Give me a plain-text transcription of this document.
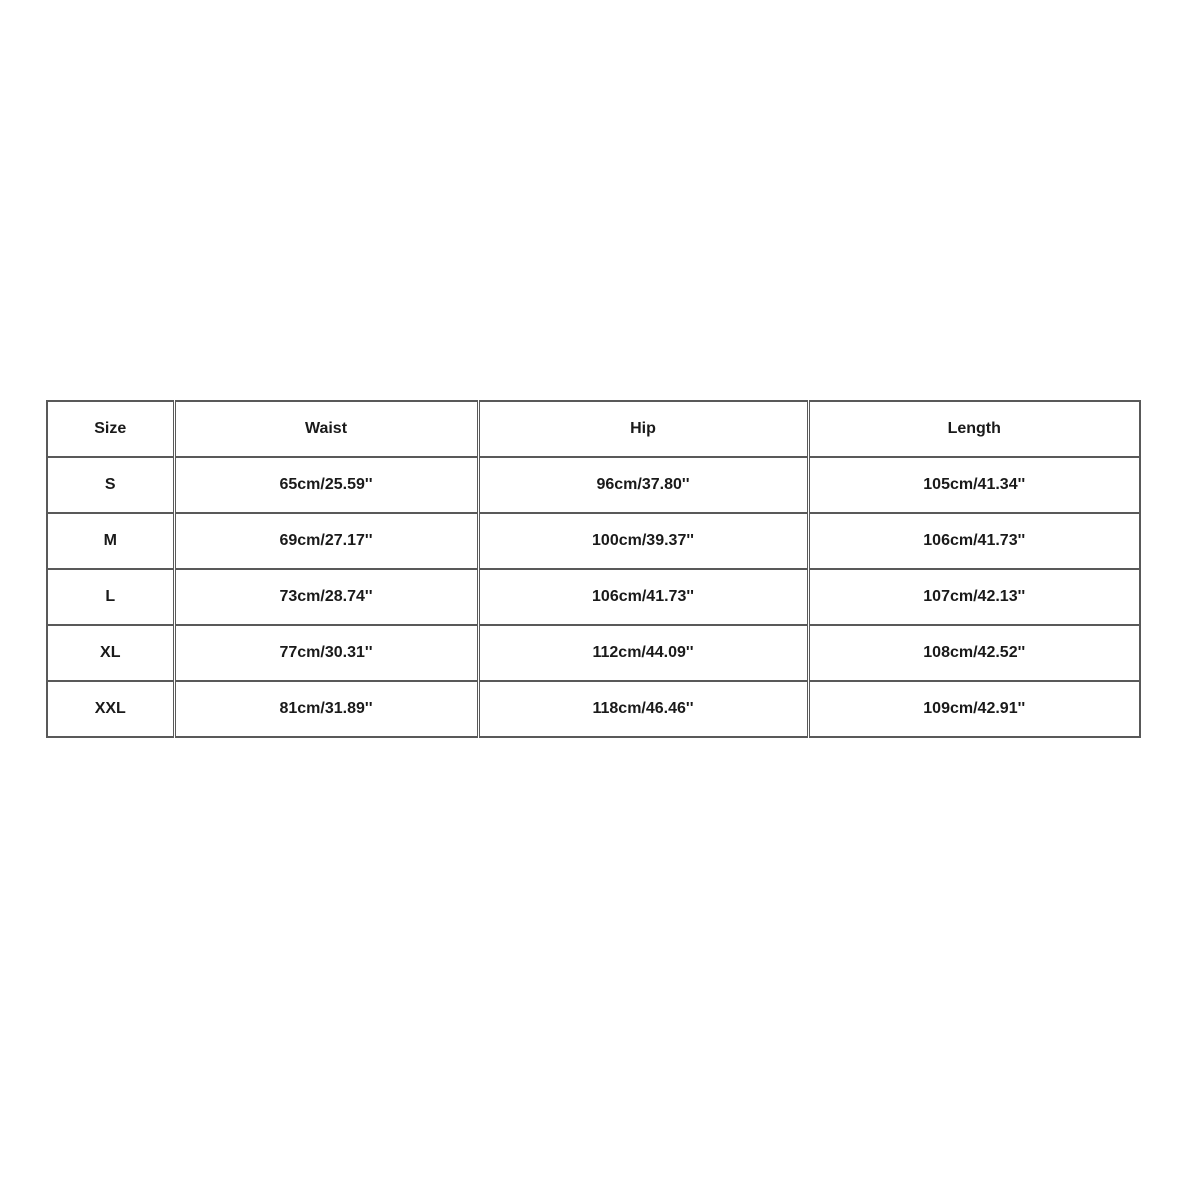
Size	Waist	Hip	Length
S	65cm/25.59''	96cm/37.80''	105cm/41.34''
M	69cm/27.17''	100cm/39.37''	106cm/41.73''
L	73cm/28.74''	106cm/41.73''	107cm/42.13''
XL	77cm/30.31''	112cm/44.09''	108cm/42.52''
XXL	81cm/31.89''	118cm/46.46''	109cm/42.91''
